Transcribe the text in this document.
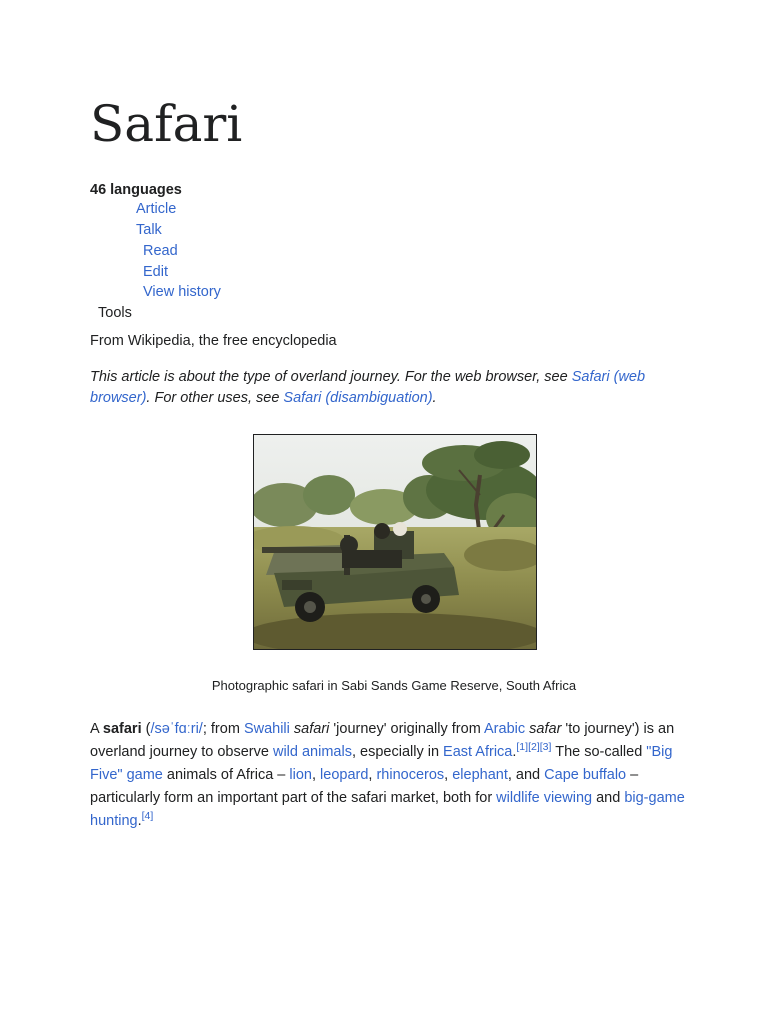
Safari
46 languages
Article
Talk
Read
Edit
View history
Tools
From Wikipedia, the free encyclopedia
This article is about the type of overland journey. For the web browser, see Safari (web browser). For other uses, see Safari (disambiguation).
Photographic safari in Sabi Sands Game Reserve, South Africa
A safari (/səˈfɑːri/; from Swahili safari 'journey' originally from Arabic safar 'to journey') is an overland journey to observe wild animals, especially in East Africa.[1][2][3] The so-called "Big Five" game animals of Africa – lion, leopard, rhinoceros, elephant, and Cape buffalo – particularly form an important part of the safari market, both for wildlife viewing and big-game hunting.[4]
